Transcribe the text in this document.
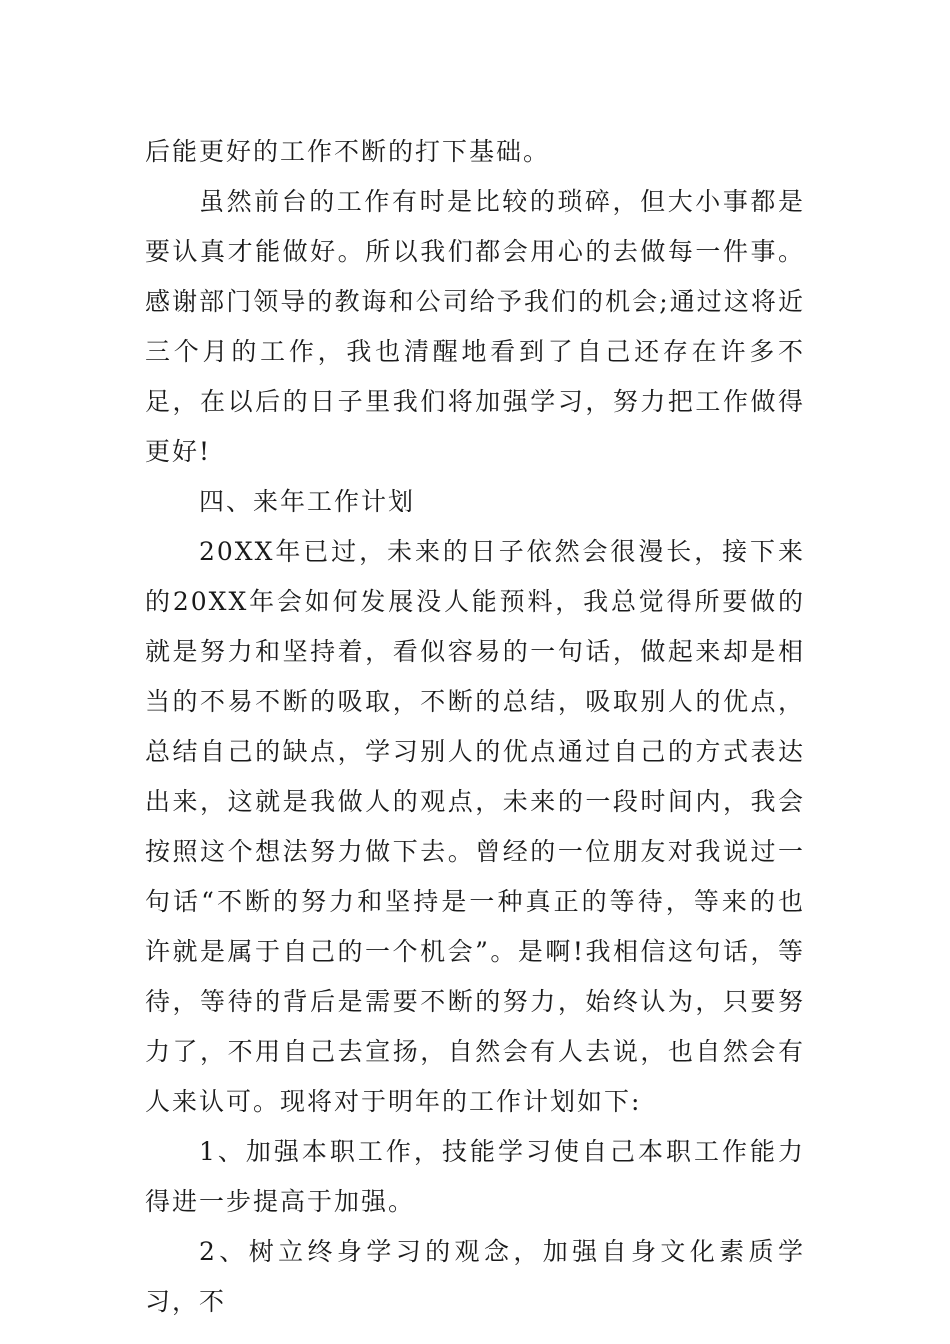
后能更好的工作不断的打下基础。

虽然前台的工作有时是比较的琐碎，但大小事都是要认真才能做好。所以我们都会用心的去做每一件事。感谢部门领导的教诲和公司给予我们的机会;通过这将近三个月的工作，我也清醒地看到了自己还存在许多不足，在以后的日子里我们将加强学习，努力把工作做得更好!

四、来年工作计划

20XX年已过，未来的日子依然会很漫长，接下来的20XX年会如何发展没人能预料，我总觉得所要做的就是努力和坚持着，看似容易的一句话，做起来却是相当的不易不断的吸取，不断的总结，吸取别人的优点，总结自己的缺点，学习别人的优点通过自己的方式表达出来，这就是我做人的观点，未来的一段时间内，我会按照这个想法努力做下去。曾经的一位朋友对我说过一句话“不断的努力和坚持是一种真正的等待，等来的也许就是属于自己的一个机会”。是啊!我相信这句话，等待，等待的背后是需要不断的努力，始终认为，只要努力了，不用自己去宣扬，自然会有人去说，也自然会有人来认可。现将对于明年的工作计划如下:

1、加强本职工作，技能学习使自己本职工作能力得进一步提高于加强。

2、树立终身学习的观念，加强自身文化素质学习，不
